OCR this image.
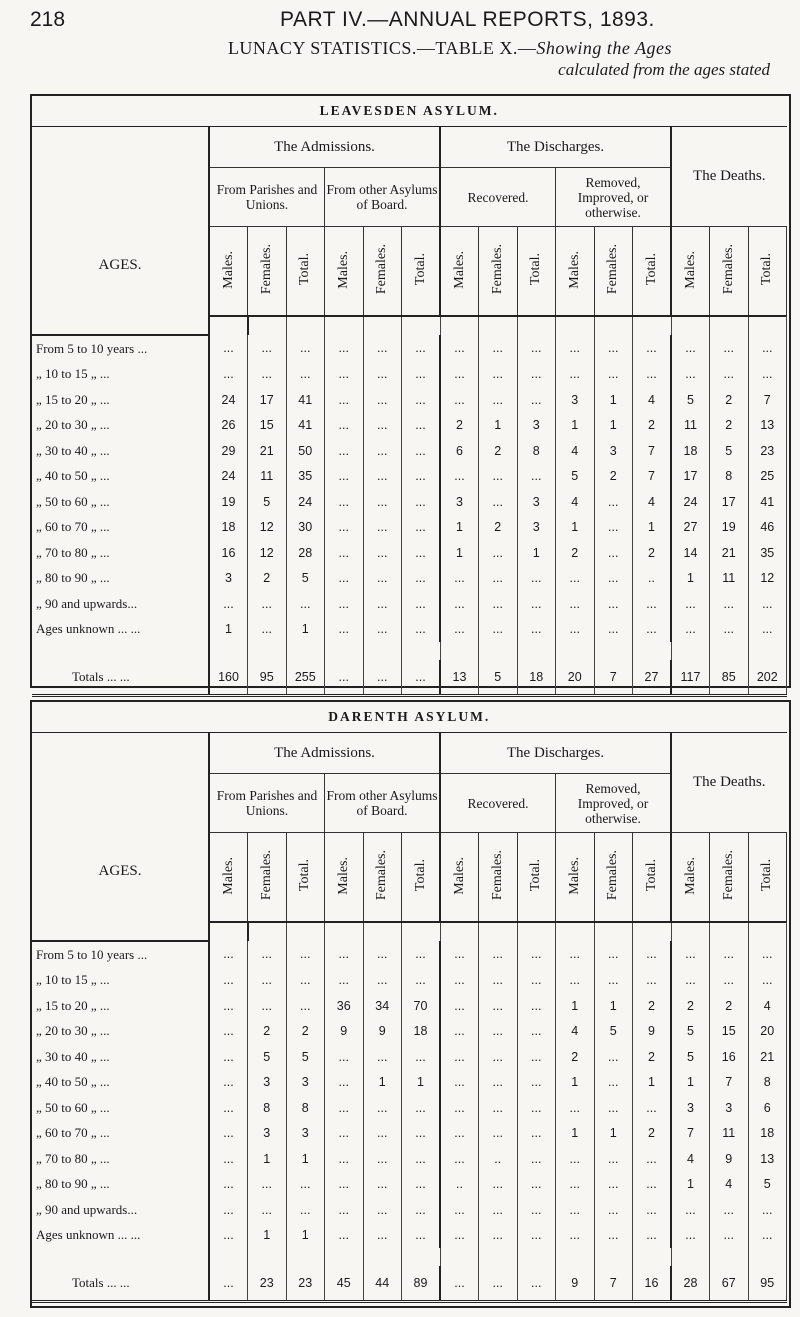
218	PART IV.—ANNUAL REPORTS, 1893.
LUNACY STATISTICS.—TABLE X.—Showing the Ages
calculated from the ages stated
LEAVESDEN ASYLUM.																
AGES.	The Admissions.						The Discharges.						The Deaths.			
	From Parishes and Unions.			From other Asylums of Board.			Recovered.			Removed, Improved, or otherwise.						
	Males.	Females.	Total.	Males.	Females.	Total.	Males.	Females.	Total.	Males.	Females.	Total.	Males.	Females.	Total.	

From 5 to 10 years ...	...	...	...	...	...	...	...	...	...	...	...	...	...	...	...	
„ 10 to 15 „ ...	...	...	...	...	...	...	...	...	...	...	...	...	...	...	...	
„ 15 to 20 „ ...	24	17	41	...	...	...	...	...	...	3	1	4	5	2	7	
„ 20 to 30 „ ...	26	15	41	...	...	...	2	1	3	1	1	2	11	2	13	
„ 30 to 40 „ ...	29	21	50	...	...	...	6	2	8	4	3	7	18	5	23	
„ 40 to 50 „ ...	24	11	35	...	...	...	...	...	...	5	2	7	17	8	25	
„ 50 to 60 „ ...	19	5	24	...	...	...	3	...	3	4	...	4	24	17	41	
„ 60 to 70 „ ...	18	12	30	...	...	...	1	2	3	1	...	1	27	19	46	
„ 70 to 80 „ ...	16	12	28	...	...	...	1	...	1	2	...	2	14	21	35	
„ 80 to 90 „ ...	3	2	5	...	...	...	...	...	...	...	...	..	1	11	12	
„ 90 and upwards...	...	...	...	...	...	...	...	...	...	...	...	...	...	...	...	
Ages unknown ... ...	1	...	1	...	...	...	...	...	...	...	...	...	...	...	...	

Totals ... ...	160	95	255	...	...	...	13	5	18	20	7	27	117	85	202	
DARENTH ASYLUM.																
AGES.	The Admissions.						The Discharges.						The Deaths.			
	From Parishes and Unions.			From other Asylums of Board.			Recovered.			Removed, Improved, or otherwise.						
	Males.	Females.	Total.	Males.	Females.	Total.	Males.	Females.	Total.	Males.	Females.	Total.	Males.	Females.	Total.	

From 5 to 10 years ...	...	...	...	...	...	...	...	...	...	...	...	...	...	...	...	
„ 10 to 15 „ ...	...	...	...	...	...	...	...	...	...	...	...	...	...	...	...	
„ 15 to 20 „ ...	...	...	...	36	34	70	...	...	...	1	1	2	2	2	4	
„ 20 to 30 „ ...	...	2	2	9	9	18	...	...	...	4	5	9	5	15	20	
„ 30 to 40 „ ...	...	5	5	...	...	...	...	...	...	2	...	2	5	16	21	
„ 40 to 50 „ ...	...	3	3	...	1	1	...	...	...	1	...	1	1	7	8	
„ 50 to 60 „ ...	...	8	8	...	...	...	...	...	...	...	...	...	3	3	6	
„ 60 to 70 „ ...	...	3	3	...	...	...	...	...	...	1	1	2	7	11	18	
„ 70 to 80 „ ...	...	1	1	...	...	...	...	..	...	...	...	...	4	9	13	
„ 80 to 90 „ ...	...	...	...	...	...	...	..	...	...	...	...	...	1	4	5	
„ 90 and upwards...	...	...	...	...	...	...	...	...	...	...	...	...	...	...	...	
Ages unknown ... ...	...	1	1	...	...	...	...	...	...	...	...	...	...	...	...	

Totals ... ...	...	23	23	45	44	89	...	...	...	9	7	16	28	67	95	
